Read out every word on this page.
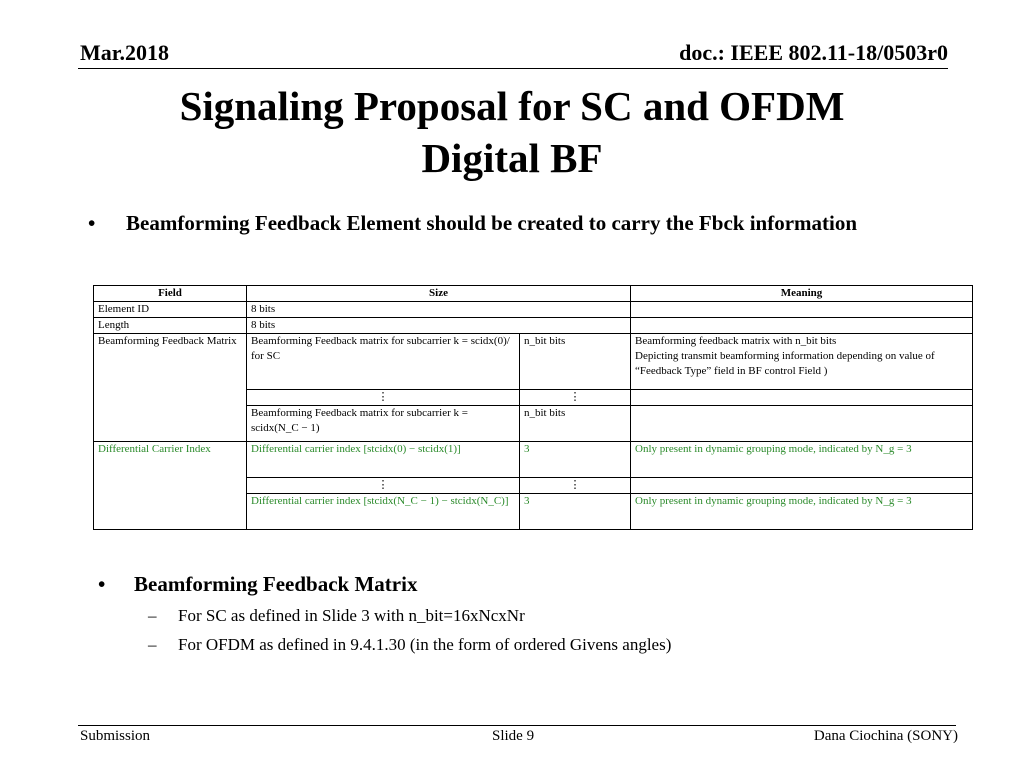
Mar.2018	doc.: IEEE 802.11-18/0503r0
Signaling Proposal for SC and OFDM
Digital BF
• Beamforming Feedback Element should be created to carry the Fbck information
Field	Size		Meaning
Element ID	8 bits		
Length	8 bits		
Beamforming Feedback Matrix	Beamforming Feedback matrix for subcarrier k = scidx(0)/ for SC	n_bit bits	Beamforming feedback matrix with n_bit bits
Depicting transmit beamforming information depending on value of “Feedback Type” field in BF control Field )

	⋮	⋮	
	Beamforming Feedback matrix for subcarrier k = scidx(N_C − 1)	n_bit bits	
Differential Carrier Index	Differential carrier index [stcidx(0) − stcidx(1)]	3	Only present in dynamic grouping mode, indicated by N_g = 3
	⋮	⋮	
	Differential carrier index [stcidx(N_C − 1) − stcidx(N_C)]	3	Only present in dynamic grouping mode, indicated by N_g = 3
• Beamforming Feedback Matrix
– For SC as defined in Slide 3 with n_bit=16xNcxNr
– For OFDM as defined in 9.4.1.30 (in the form of ordered Givens angles)
Submission	Slide 9	Dana Ciochina (SONY)
